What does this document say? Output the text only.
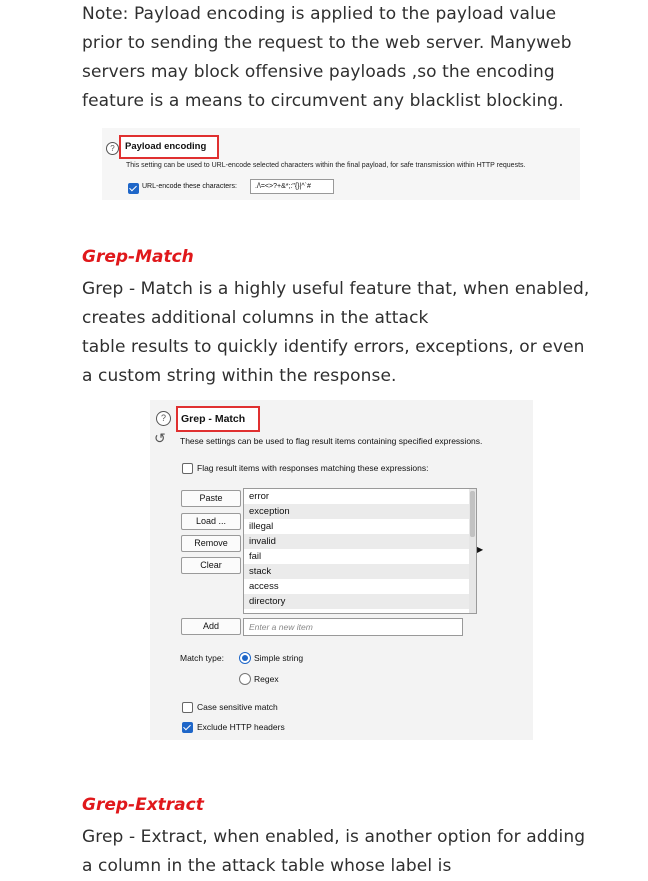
Note: Payload encoding is applied to the payload value
prior to sending the request to the web server. Manyweb
servers may block offensive payloads ,so the encoding
feature is a means to circumvent any blacklist blocking.

?	Payload encoding
This setting can be used to URL-encode selected characters within the final payload, for safe transmission within HTTP requests.
URL-encode these characters:	./\=<>?+&*;:"{}|^`#
Grep-Match

Grep - Match is a highly useful feature that, when enabled,
creates additional columns in the attack
table results to quickly identify errors, exceptions, or even
a custom string within the response.

?
↺
Grep - Match
These settings can be used to flag result items containing specified expressions.
Flag result items with responses matching these expressions:
Paste
Load ...
Remove
Clear
error
exception
illegal
invalid
fail
stack
access
directory
▶
Add	Enter a new item
Match type:	Simple string
Regex
Case sensitive match
Exclude HTTP headers
Grep-Extract

Grep - Extract, when enabled, is another option for adding
a column in the attack table whose label is
